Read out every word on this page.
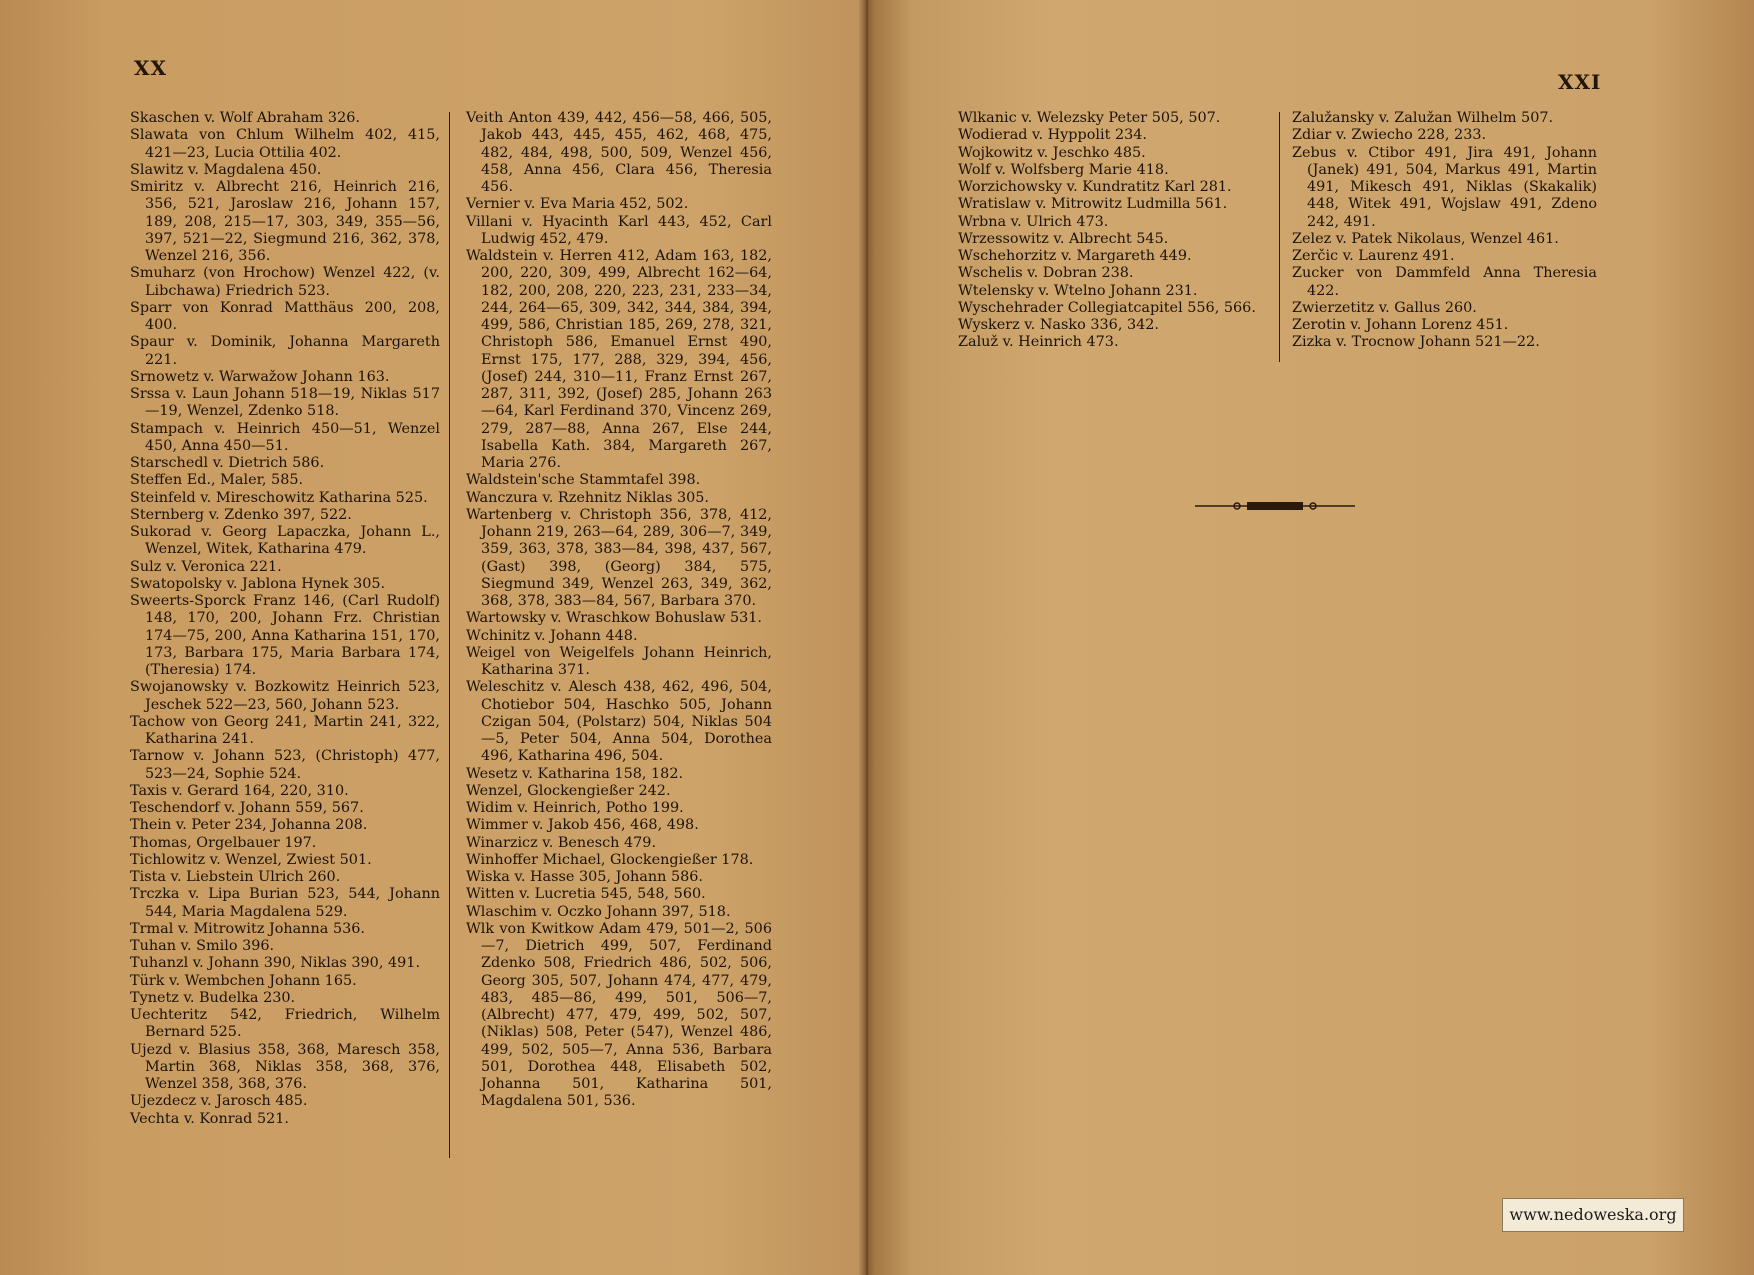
XX
Skaschen v. Wolf Abraham 326.
Slawata von Chlum Wilhelm 402, 415, 421—23, Lucia Ottilia 402.
Slawitz v. Magdalena 450.
Smiritz v. Albrecht 216, Heinrich 216, 356, 521, Jaroslaw 216, Johann 157, 189, 208, 215—17, 303, 349, 355—56, 397, 521—22, Siegmund 216, 362, 378, Wenzel 216, 356.
Smuharz (von Hrochow) Wenzel 422, (v. Libchawa) Friedrich 523.
Sparr von Konrad Matthäus 200, 208, 400.
Spaur v. Dominik, Johanna Margareth 221.
Srnowetz v. Warwažow Johann 163.
Srssa v. Laun Johann 518—19, Niklas 517—19, Wenzel, Zdenko 518.
Stampach v. Heinrich 450—51, Wenzel 450, Anna 450—51.
Starschedl v. Dietrich 586.
Steffen Ed., Maler, 585.
Steinfeld v. Mireschowitz Katharina 525.
Sternberg v. Zdenko 397, 522.
Sukorad v. Georg Lapaczka, Johann L., Wenzel, Witek, Katharina 479.
Sulz v. Veronica 221.
Swatopolsky v. Jablona Hynek 305.
Sweerts-Sporck Franz 146, (Carl Rudolf) 148, 170, 200, Johann Frz. Christian 174—75, 200, Anna Katharina 151, 170, 173, Barbara 175, Maria Barbara 174, (Theresia) 174.
Swojanowsky v. Bozkowitz Heinrich 523, Jeschek 522—23, 560, Johann 523.
Tachow von Georg 241, Martin 241, 322, Katharina 241.
Tarnow v. Johann 523, (Christoph) 477, 523—24, Sophie 524.
Taxis v. Gerard 164, 220, 310.
Teschendorf v. Johann 559, 567.
Thein v. Peter 234, Johanna 208.
Thomas, Orgelbauer 197.
Tichlowitz v. Wenzel, Zwiest 501.
Tista v. Liebstein Ulrich 260.
Trczka v. Lipa Burian 523, 544, Johann 544, Maria Magdalena 529.
Trmal v. Mitrowitz Johanna 536.
Tuhan v. Smilo 396.
Tuhanzl v. Johann 390, Niklas 390, 491.
Türk v. Wembchen Johann 165.
Tynetz v. Budelka 230.
Uechteritz 542, Friedrich, Wilhelm Bernard 525.
Ujezd v. Blasius 358, 368, Maresch 358, Martin 368, Niklas 358, 368, 376, Wenzel 358, 368, 376.
Ujezdecz v. Jarosch 485.
Vechta v. Konrad 521.
Veith Anton 439, 442, 456—58, 466, 505, Jakob 443, 445, 455, 462, 468, 475, 482, 484, 498, 500, 509, Wenzel 456, 458, Anna 456, Clara 456, Theresia 456.
Vernier v. Eva Maria 452, 502.
Villani v. Hyacinth Karl 443, 452, Carl Ludwig 452, 479.
Waldstein v. Herren 412, Adam 163, 182, 200, 220, 309, 499, Albrecht 162—64, 182, 200, 208, 220, 223, 231, 233—34, 244, 264—65, 309, 342, 344, 384, 394, 499, 586, Christian 185, 269, 278, 321, Christoph 586, Emanuel Ernst 490, Ernst 175, 177, 288, 329, 394, 456, (Josef) 244, 310—11, Franz Ernst 267, 287, 311, 392, (Josef) 285, Johann 263—64, Karl Ferdinand 370, Vincenz 269, 279, 287—88, Anna 267, Else 244, Isabella Kath. 384, Margareth 267, Maria 276.
Waldstein'sche Stammtafel 398.
Wanczura v. Rzehnitz Niklas 305.
Wartenberg v. Christoph 356, 378, 412, Johann 219, 263—64, 289, 306—7, 349, 359, 363, 378, 383—84, 398, 437, 567, (Gast) 398, (Georg) 384, 575, Siegmund 349, Wenzel 263, 349, 362, 368, 378, 383—84, 567, Barbara 370.
Wartowsky v. Wraschkow Bohuslaw 531.
Wchinitz v. Johann 448.
Weigel von Weigelfels Johann Heinrich, Katharina 371.
Weleschitz v. Alesch 438, 462, 496, 504, Chotiebor 504, Haschko 505, Johann Czigan 504, (Polstarz) 504, Niklas 504—5, Peter 504, Anna 504, Dorothea 496, Katharina 496, 504.
Wesetz v. Katharina 158, 182.
Wenzel, Glockengießer 242.
Widim v. Heinrich, Potho 199.
Wimmer v. Jakob 456, 468, 498.
Winarzicz v. Benesch 479.
Winhoffer Michael, Glockengießer 178.
Wiska v. Hasse 305, Johann 586.
Witten v. Lucretia 545, 548, 560.
Wlaschim v. Oczko Johann 397, 518.
Wlk von Kwitkow Adam 479, 501—2, 506—7, Dietrich 499, 507, Ferdinand Zdenko 508, Friedrich 486, 502, 506, Georg 305, 507, Johann 474, 477, 479, 483, 485—86, 499, 501, 506—7, (Albrecht) 477, 479, 499, 502, 507, (Niklas) 508, Peter (547), Wenzel 486, 499, 502, 505—7, Anna 536, Barbara 501, Dorothea 448, Elisabeth 502, Johanna 501, Katharina 501, Magdalena 501, 536.
XXI
Wlkanic v. Welezsky Peter 505, 507.
Wodierad v. Hyppolit 234.
Wojkowitz v. Jeschko 485.
Wolf v. Wolfsberg Marie 418.
Worzichowsky v. Kundratitz Karl 281.
Wratislaw v. Mitrowitz Ludmilla 561.
Wrbna v. Ulrich 473.
Wrzessowitz v. Albrecht 545.
Wschehorzitz v. Margareth 449.
Wschelis v. Dobran 238.
Wtelensky v. Wtelno Johann 231.
Wyschehrader Collegiatcapitel 556, 566.
Wyskerz v. Nasko 336, 342.
Zaluž v. Heinrich 473.
Zalužansky v. Zalužan Wilhelm 507.
Zdiar v. Zwiecho 228, 233.
Zebus v. Ctibor 491, Jira 491, Johann (Janek) 491, 504, Markus 491, Martin 491, Mikesch 491, Niklas (Skakalik) 448, Witek 491, Wojslaw 491, Zdeno 242, 491.
Zelez v. Patek Nikolaus, Wenzel 461.
Zerčic v. Laurenz 491.
Zucker von Dammfeld Anna Theresia 422.
Zwierzetitz v. Gallus 260.
Zerotin v. Johann Lorenz 451.
Zizka v. Trocnow Johann 521—22.
www.nedoweska.org
